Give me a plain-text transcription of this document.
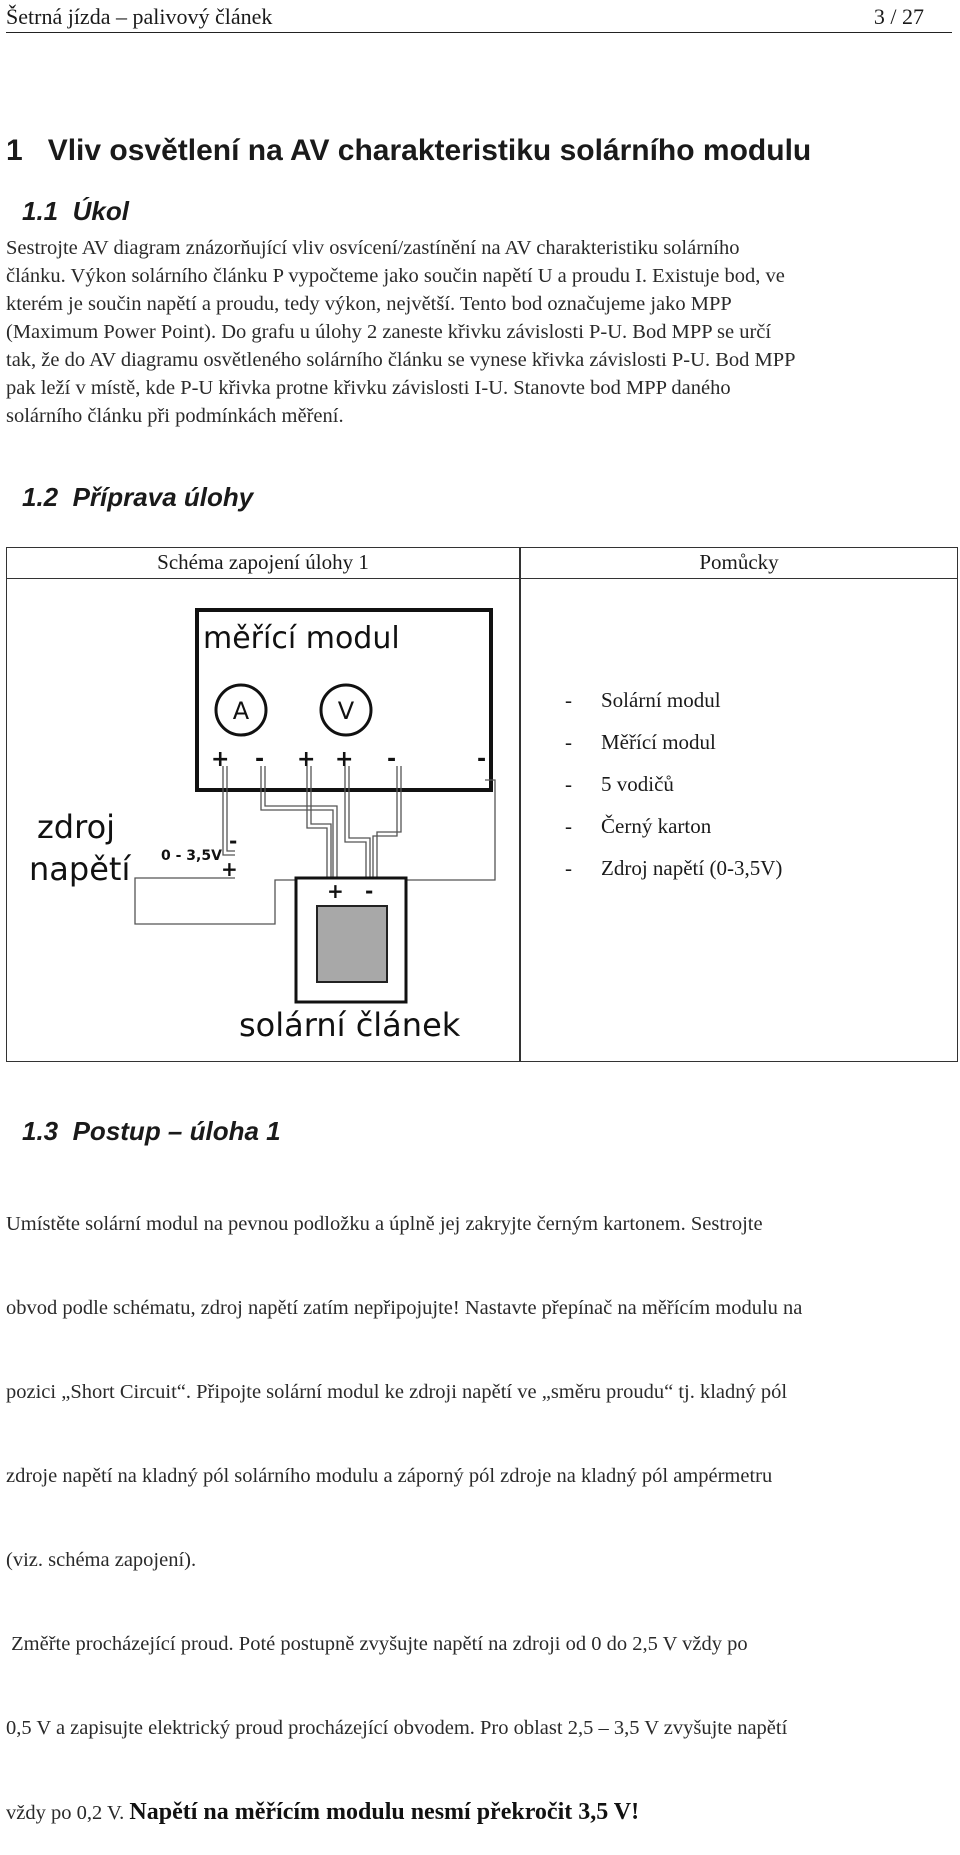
Šetrná jízda – palivový článek	3 / 27
1   Vliv osvětlení na AV charakteristiku solárního modulu
1.1  Úkol
Sestrojte AV diagram znázorňující vliv osvícení/zastínění na AV charakteristiku solárního
článku. Výkon solárního článku P vypočteme jako součin napětí U a proudu I. Existuje bod, ve
kterém je součin napětí a proudu, tedy výkon, největší. Tento bod označujeme jako MPP
(Maximum Power Point). Do grafu u úlohy 2 zaneste křivku závislosti P-U. Bod MPP se určí
tak, že do AV diagramu osvětleného solárního článku se vynese křivka závislosti P-U. Bod MPP
pak leží v místě, kde P-U křivka protne křivku závislosti I-U. Stanovte bod MPP daného
solárního článku při podmínkách měření.
1.2  Příprava úlohy
Schéma zapojení úlohy 1	Pomůcky
měřící modul
A	V
+ - + + -	-
zdroj
napětí 0 - 3,5V
-
+
+ -
solární článek
-	Solární modul
-	Měřící modul
-	5 vodičů
-	Černý karton
-	Zdroj napětí (0-3,5V)
1.3  Postup – úloha 1

Umístěte solární modul na pevnou podložku a úplně jej zakryjte černým kartonem. Sestrojte

obvod podle schématu, zdroj napětí zatím nepřipojujte! Nastavte přepínač na měřícím modulu na

pozici „Short Circuit“. Připojte solární modul ke zdroji napětí ve „směru proudu“ tj. kladný pól

zdroje napětí na kladný pól solárního modulu a záporný pól zdroje na kladný pól ampérmetru

(viz. schéma zapojení).

Změřte procházející proud. Poté postupně zvyšujte napětí na zdroji od 0 do 2,5 V vždy po

0,5 V a zapisujte elektrický proud procházející obvodem. Pro oblast 2,5 – 3,5 V zvyšujte napětí

vždy po 0,2 V. Napětí na měřícím modulu nesmí překročit 3,5 V!
